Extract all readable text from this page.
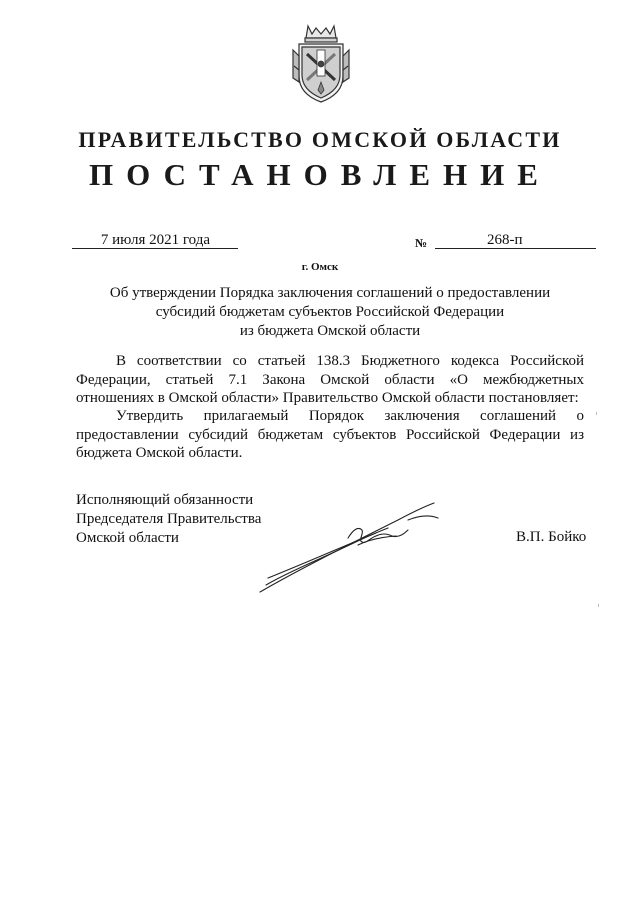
ПРАВИТЕЛЬСТВО ОМСКОЙ ОБЛАСТИ
ПОСТАНОВЛЕНИЕ
7 июля 2021 года	№	268-п
г. Омск
Об утверждении Порядка заключения соглашений о предоставлении
субсидий бюджетам субъектов Российской Федерации
из бюджета Омской области
В соответствии со статьей 138.3 Бюджетного кодекса Российской Федерации, статьей 7.1 Закона Омской области «О межбюджетных отношениях в Омской области» Правительство Омской области постановляет:
Утвердить прилагаемый Порядок заключения соглашений о предоставлении субсидий бюджетам субъектов Российской Федерации из бюджета Омской области.
Исполняющий обязанности
Председателя Правительства
Омской области	В.П. Бойко
